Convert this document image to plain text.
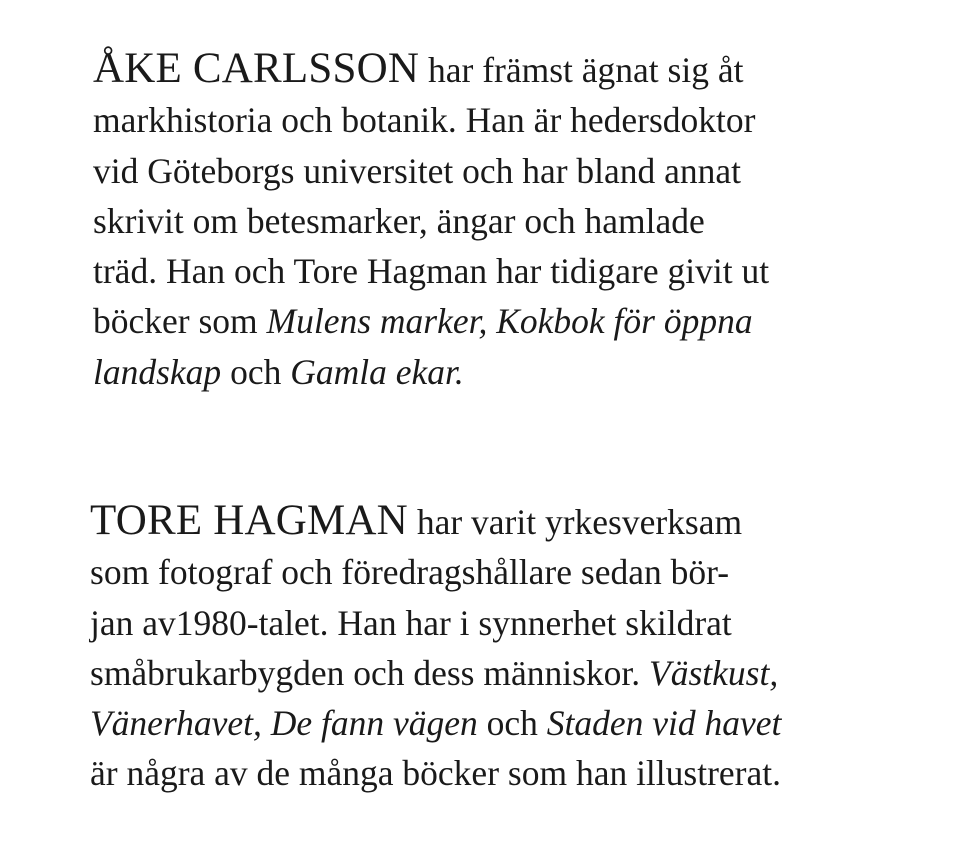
ÅKE CARLSSON har främst ägnat sig åt
markhistoria och botanik. Han är hedersdoktor
vid Göteborgs universitet och har bland annat
skrivit om betesmarker, ängar och hamlade
träd. Han och Tore Hagman har tidigare givit ut
böcker som Mulens marker, Kokbok för öppna
landskap och Gamla ekar.

TORE HAGMAN har varit yrkesverksam
som fotograf och föredragshållare sedan bör-
jan av1980-talet. Han har i synnerhet skildrat
småbrukarbygden och dess människor. Västkust,
Vänerhavet, De fann vägen och Staden vid havet
är några av de många böcker som han illustrerat.
